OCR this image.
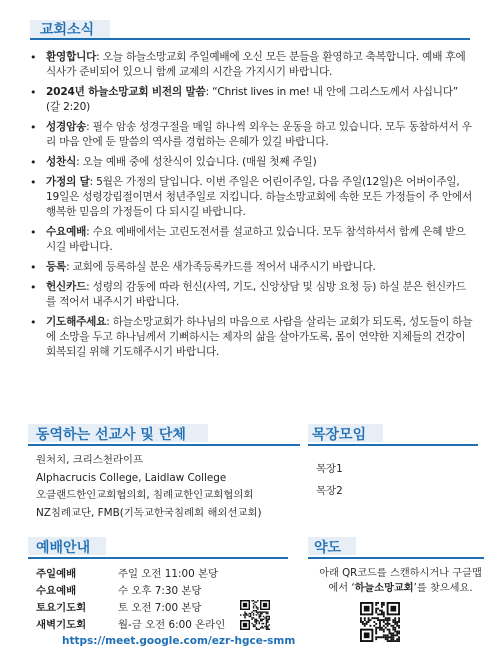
교회소식
• 환영합니다: 오늘 하늘소망교회 주일예배에 오신 모든 분들을 환영하고 축복합니다. 예배 후에 식사가 준비되어 있으니 함께 교제의 시간을 가지시기 바랍니다.
• 2024년 하늘소망교회 비전의 말씀: “Christ lives in me! 내 안에 그리스도께서 사십니다” (갈 2:20)
• 성경암송: 필수 암송 성경구절을 매일 하나씩 외우는 운동을 하고 있습니다. 모두 동참하셔서 우리 마음 안에 둔 말씀의 역사를 경험하는 은혜가 있길 바랍니다.
• 성찬식: 오늘 예배 중에 성찬식이 있습니다. (매월 첫째 주일)
• 가정의 달: 5월은 가정의 달입니다. 이번 주일은 어린이주일, 다음 주일(12일)은 어버이주일, 19일은 성령강림절이면서 청년주일로 지킵니다. 하늘소망교회에 속한 모든 가정들이 주 안에서 행복한 믿음의 가정들이 다 되시길 바랍니다.
• 수요예배: 수요 예배에서는 고린도전서를 설교하고 있습니다. 모두 참석하셔서 함께 은혜 받으시길 바랍니다.
• 등록: 교회에 등록하실 분은 새가족등록카드를 적어서 내주시기 바랍니다.
• 헌신카드: 성령의 감동에 따라 헌신(사역, 기도, 신앙상담 및 심방 요청 등) 하실 분은 헌신카드를 적어서 내주시기 바랍니다.
• 기도해주세요: 하늘소망교회가 하나님의 마음으로 사람을 살리는 교회가 되도록, 성도들이 하늘에 소망을 두고 하나님께서 기뻐하시는 제자의 삶을 살아가도록, 몸이 연약한 지체들의 건강이 회복되길 위해 기도해주시기 바랍니다.
동역하는 선교사 및 단체	목장모임
원처치, 크리스천라이프
Alphacrucis College, Laidlaw College
오클랜드한인교회협의회, 침례교한인교회협의회
NZ침례교단, FMB(기독교한국침례회 해외선교회)
목장1
목장2
예배안내	약도
주일예배	주일 오전 11:00 본당
수요예배	수 오후 7:30 본당
토요기도회	토 오전 7:00 본당
새벽기도회	월-금 오전 6:00 온라인
https://meet.google.com/ezr-hgce-smm
아래 QR코드를 스캔하시거나 구글맵
에서 ‘하늘소망교회’를 찾으세요.
